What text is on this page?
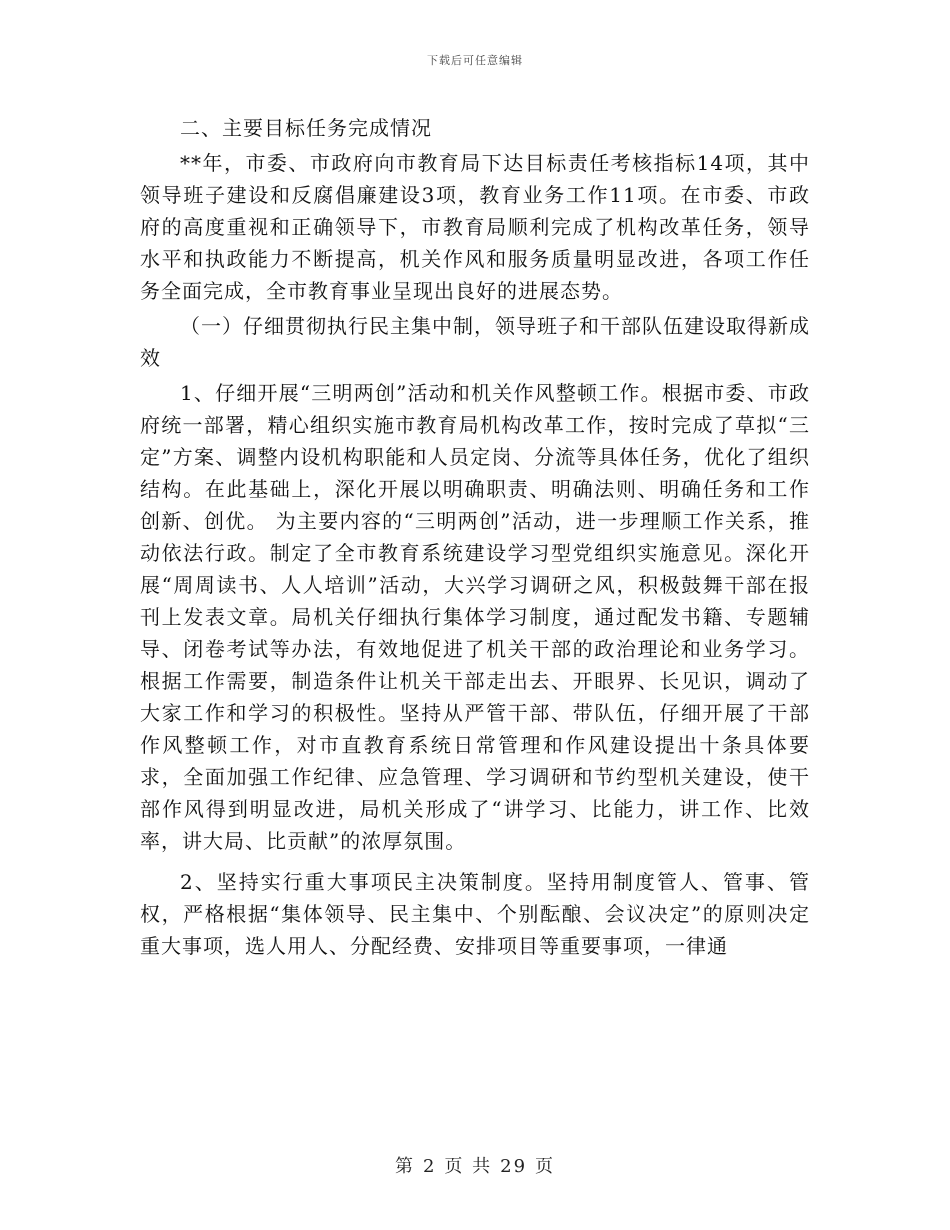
下载后可任意编辑

二、主要目标任务完成情况

**年，市委、市政府向市教育局下达目标责任考核指标14项，其中领导班子建设和反腐倡廉建设3项，教育业务工作11项。在市委、市政府的高度重视和正确领导下，市教育局顺利完成了机构改革任务，领导水平和执政能力不断提高，机关作风和服务质量明显改进，各项工作任务全面完成，全市教育事业呈现出良好的进展态势。

（一）仔细贯彻执行民主集中制，领导班子和干部队伍建设取得新成效

1、仔细开展“三明两创”活动和机关作风整顿工作。根据市委、市政府统一部署，精心组织实施市教育局机构改革工作，按时完成了草拟“三定”方案、调整内设机构职能和人员定岗、分流等具体任务，优化了组织结构。在此基础上，深化开展以明确职责、明确法则、明确任务和工作创新、创优。 为主要内容的“三明两创”活动，进一步理顺工作关系，推动依法行政。制定了全市教育系统建设学习型党组织实施意见。深化开展“周周读书、人人培训”活动，大兴学习调研之风，积极鼓舞干部在报刊上发表文章。局机关仔细执行集体学习制度，通过配发书籍、专题辅导、闭卷考试等办法，有效地促进了机关干部的政治理论和业务学习。根据工作需要，制造条件让机关干部走出去、开眼界、长见识，调动了大家工作和学习的积极性。坚持从严管干部、带队伍，仔细开展了干部作风整顿工作，对市直教育系统日常管理和作风建设提出十条具体要求，全面加强工作纪律、应急管理、学习调研和节约型机关建设，使干部作风得到明显改进，局机关形成了“讲学习、比能力，讲工作、比效率，讲大局、比贡献”的浓厚氛围。

2、坚持实行重大事项民主决策制度。坚持用制度管人、管事、管权，严格根据“集体领导、民主集中、个别酝酿、会议决定”的原则决定重大事项，选人用人、分配经费、安排项目等重要事项，一律通

第 2 页 共 29 页
